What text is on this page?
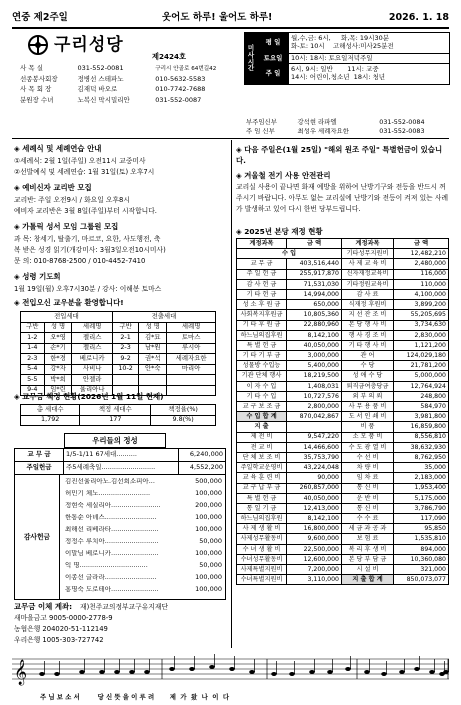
연중 제2주일	웃어도 하루! 울어도 하루!	2026. 1. 18
구리성당
제2424호
사 목 실	031-552-0081	구리시 안골로 64번길42
선종봉사회장	정병선 스테파노	010-5632-5583
사 목 회 장	김재덕 바오로	010-7742-7688
분원장 수녀	노복신 막시밀리안	031-552-0087
미사시간	평 일	월,수,금: 6시,     화,목: 19시30분
화-토: 10시    고해성사:미사25분전
	토요일	10시: 18시: 토요일저녁주일
	주 일	6시, 9시: 일반       11시: 교중
14시: 어린이,청소년  18시: 청년
부주임신부	강석현 라파엘	031-552-0084
주 임 신부	최성우 세례자요한	031-552-0083
◈ 세례식 및 세례연습 안내
①세례식: 2월 1일(주일) 오전11시 교중미사
②선발예식 및 세례연습: 1월 31일(토) 오후7시
◈ 예비신자 교리반 모집
교리반: 주일 오전9시 / 화요일 오후8시
예비자 교리반은 3월 8일(주일)부터 시작합니다.
◈ 가톨릭 성서 모임 그룹원 모집
과 목: 창세기, 탈출기, 마르코, 요한, 사도행전, 축
복 받은 성경 읽기(개강미사: 3월3일오전10시미사)
문 의: 010-8768-2500 / 010-4452-7410
◈ 성령 기도회
1월 19일(월) 오후7시30분 / 강사: 이해봉 토마스
◈ 전입오신 교우분을 환영합니다!
전입세대			전출세대		
구반	성 명	세례명	구반	성 명	세례명
1-2	오*영	젤리스	2-1	김*묘	토마스
1-4	손*기	젤리스	2-3	남*원	루시아
2-3	한*경	베로니카	9-2	권*석	세례자요한
5-4	강*자	사비나	10-2	안*숙	마리아
5-5	박*희	안젤라			
9-4	임*린	율리아나			
◈ 교무금 책정 현황(2026년 1월 11일 현재)
총 세대수	책정 세대수	책정율(%)
1,792	177	9.8(%)
우리들의 정성
교 무 금	1/5-1/11 67세대..........	6,240,000
주일헌금	주5세례축일..........................	4,552,200
감사헌금
김진선율리아노.김선희소피아...	500,000
허민기 체노.........................	100,000
정현숙 세실리아........................	200,000
한통순 아녜스.........................	100,000
최해선 리베라타.......................	100,000
정정수 루치아..........................	50,000
이말님 베로니카.......................	100,000
익 명.................................	50,000
이종선 글라라.........................	100,000
홍명숙 도로테아.......................	100,000
교무금 이체 계좌: 재)천주교의정부교구유지재단
새마을금고 9005-0000-2778-9
농협은행 204020-51-112149
우리은행 1005-303-727742
◈ 다음 주일은(1월 25일) "해외 원조 주일" 특별헌금이 있습니다.
◈ 겨울철 전기 사용 안전관리
교리실 사용이 끝나면 화재 예방을 위하여 난방기구와 전등을 반드시 꺼 주시기 바랍니다. 아무도 없는 교리실에 난방기와 전등이 켜져 있는 사례가 발생하고 있어 다시 한번 당부드립니다.
◈ 2025년 본당 재정 현황
계정과목	금 액	계정과목	금 액
수 입		기타성무지원비	12,482,210
교 무 금	403,516,440	사 제 교 육 비	2,480,000
주 일 헌 금	255,917,870	신자재정교육비	116,000
감 사 헌 금	71,531,030	기타정원교육비	110,000
기 타 헌 금	14,994,000	감 사 료	4,100,000
성 소 후 원 금	650,000	식재정 후원비	3,899,200
사회복지후원금	10,805,360	지 선 잔 조 비	55,205,695
기 타 후 원 금	22,880,960	본 당 행 사 비	3,734,630
하느님의집후원	8,142,100	행 사 경 조 비	2,830,000
특 별 헌 금	40,050,000	기 타 행 사 비	1,121,200
기 타 기 부 금	3,000,000	관 어	124,029,180
성물방 수입능	5,400,000	수 당	21,781,200
기관 단체 행사	18,219,500	성 애 수 당	5,000,000
이 자 수 입	1,408,031	퇴직금여충당금	12,764,924
기 타 수 입	10,727,576	외 부 의 뢰	248,800
교 구 보 조 금	2,800,000	사 무 용 품 비	584,970
수 입 합 계	870,042,867	도 서 인 쇄 비	3,981,800
지 출		비 품	16,859,800
제 전 비	9,547,220	소 모 품 비	8,556,810
전 교 비	14,466,600	수 도 광 열 비	38,632,930
단 체 보 조 비	35,753,790	수 선 비	8,762,950
주일학교운영비	43,224,048	차 량 비	35,000
교 육 훈 련 비	90,000	임 차 료	2,183,000
교 구 납 부 금	260,857,000	통 신 비	1,953,400
특 별 헌 금	40,050,000	운 반 비	5,175,000
통 일 기 금	12,413,000	통 신 비	3,786,790
하느님의집후원	8,142,100	수 수 료	117,090
사 제 생 활 비	16,800,000	세 금 과 공 과	95,850
사제성무활동비	9,600,000	보 험 료	1,535,810
수 녀 생 활 비	22,500,000	복 리 후 생 비	894,000
수녀성무활동비	12,600,000	본 당 부 담 금	10,360,080
사제특별지원비	7,200,000	시 설 비	321,000
수녀특별지원비	3,110,000	지 출 합 계	850,073,077
𝄞
주 님 보 소 서        당 신 뜻 을 이 루 려       제  가  왔  나  이  다
